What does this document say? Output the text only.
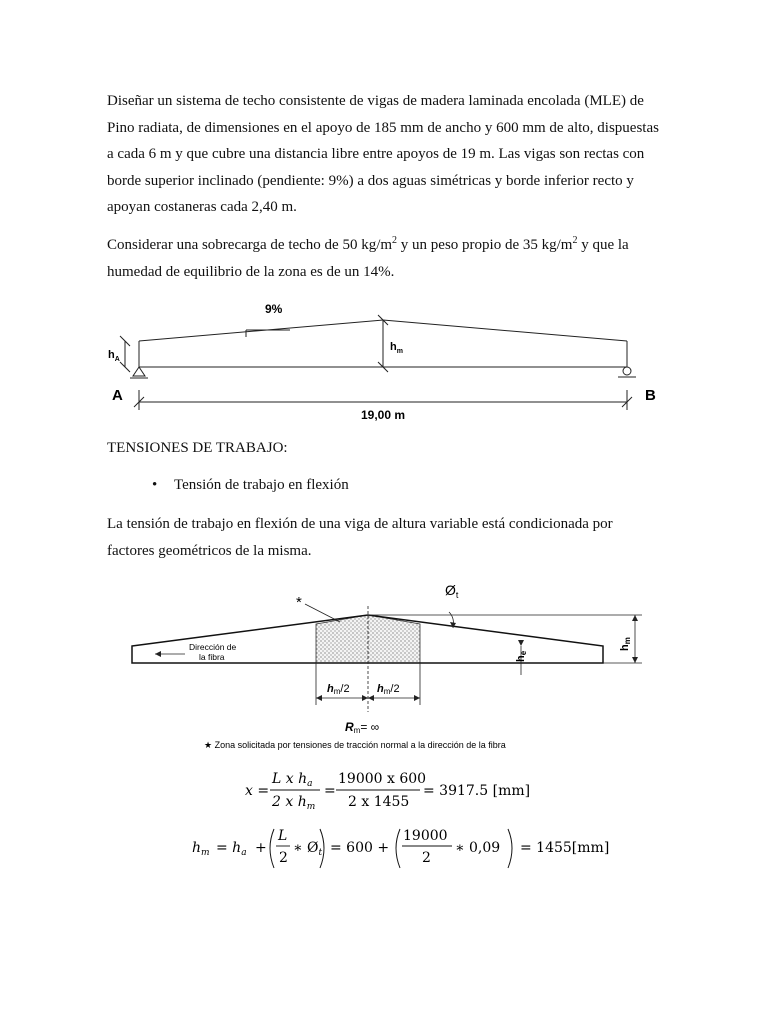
Diseñar un sistema de techo consistente de vigas de madera laminada encolada (MLE) de
Pino radiata, de dimensiones en el apoyo de 185 mm de ancho y 600 mm de alto, dispuestas
a cada 6 m y que cubre una distancia libre entre apoyos de 19 m. Las vigas son rectas con
borde superior inclinado (pendiente: 9%) a dos aguas simétricas y borde inferior recto y
apoyan costaneras cada 2,40 m.
Considerar una sobrecarga de techo de 50 $kg/m^2$ y un peso propio de 35 $kg/m^2$ y que la
humedad de equilibrio de la zona es de un 14%.
9%
$h_A$
$h_m$
A	B
19,00 m
TENSIONES DE TRABAJO:
• Tensión de trabajo en flexión
La tensión de trabajo en flexión de una viga de altura variable está condicionada por
factores geométricos de la misma.
$Ø_t$
*
Dirección de
la fibra
hm
he
hm/2 hm/2
Rm= ∞
★ Zona solicitada por tensiones de tracción normal a la dirección de la fibra
x =
L x $h_a$
2 x $h_m$
=
19000 x 600
2 x 1455
= 3917.5 [mm]
$h_m = h_a$ +
L
2
∗ $Ø_t = 600$ +
19000
2
∗ 0,09 = 1455[mm]
